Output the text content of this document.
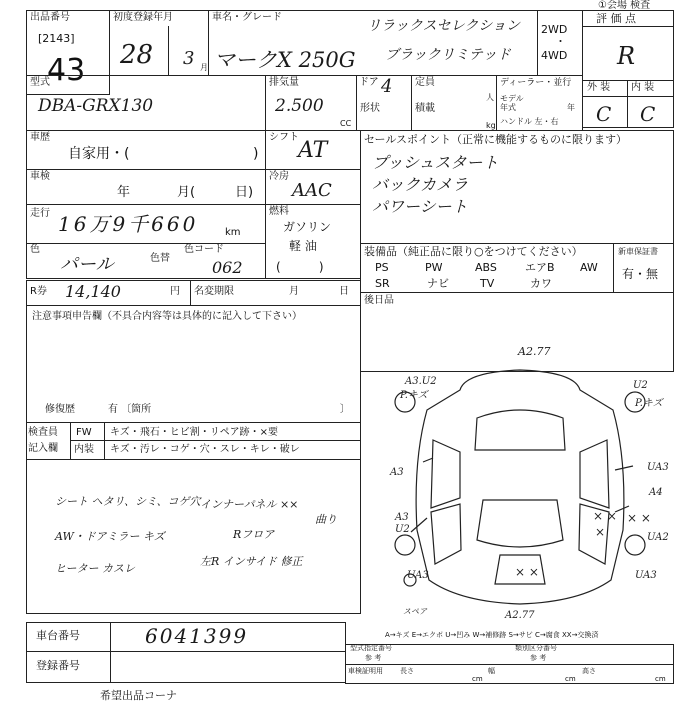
①会場 検査
出品番号
[2143]
43
初度登録年月
28 3 月
車名・グレード
マークX 250G
リラックスセレクション
ブラックリミテッド
2WD
・
4WD
評 価 点
R
外 装 内 装
C C
型式
DBA-GRX130
排気量
2.500
CC
ドア 4
形状
定員
人
積載
kg
ディーラー・並行
モデル
年式	年
ハンドル 左・右
車歴
自家用・(	)
シフト
AT
車検
年	月(	日)
冷房
AAC
走行 16万9千660	km
燃料
ガソリン
軽 油
(          )
色
パール	色替
色コード
062
セールスポイント（正常に機能するものに限ります）
プッシュスタート
バックカメラ
パワーシート
装備品（純正品に限り○をつけてください）
PS	PW	ABS	エアB AW
SR	ナビ	TV	カワ
新車保証書
有・無
後日品
R券 14,140	円 名変期限	月	日
注意事項申告欄（不具合内容等は具体的に記入して下さい）
修復歴	有 〔箇所	〕
検査員
記入欄
FW キズ・飛石・ヒビ割・リペア跡・×要
内装 キズ・汚レ・コゲ・穴・スレ・キレ・破レ
シート ヘタリ、シミ、コゲ穴 インナーパネル ××
AW・ドアミラー キズ	Rフロア
曲り
ヒーター カスレ
左R インサイド 修正
A3.U2
P.キズ
P.キズ
U2
A3	UA3
A4
A3
U2
UA2
UA3	UA3
A2.77
スペア
× × × ×
×
× ×
A2.77
A→キズ E→エクボ U→凹み W→補修跡 S→サビ C→腐食 XX→交換済
車台番号	6041399
登録番号
型式指定番号
参 考
類別区分番号
参 考
車検証明用 長さ
cm
幅
cm
高さ
cm
希望出品コーナ
